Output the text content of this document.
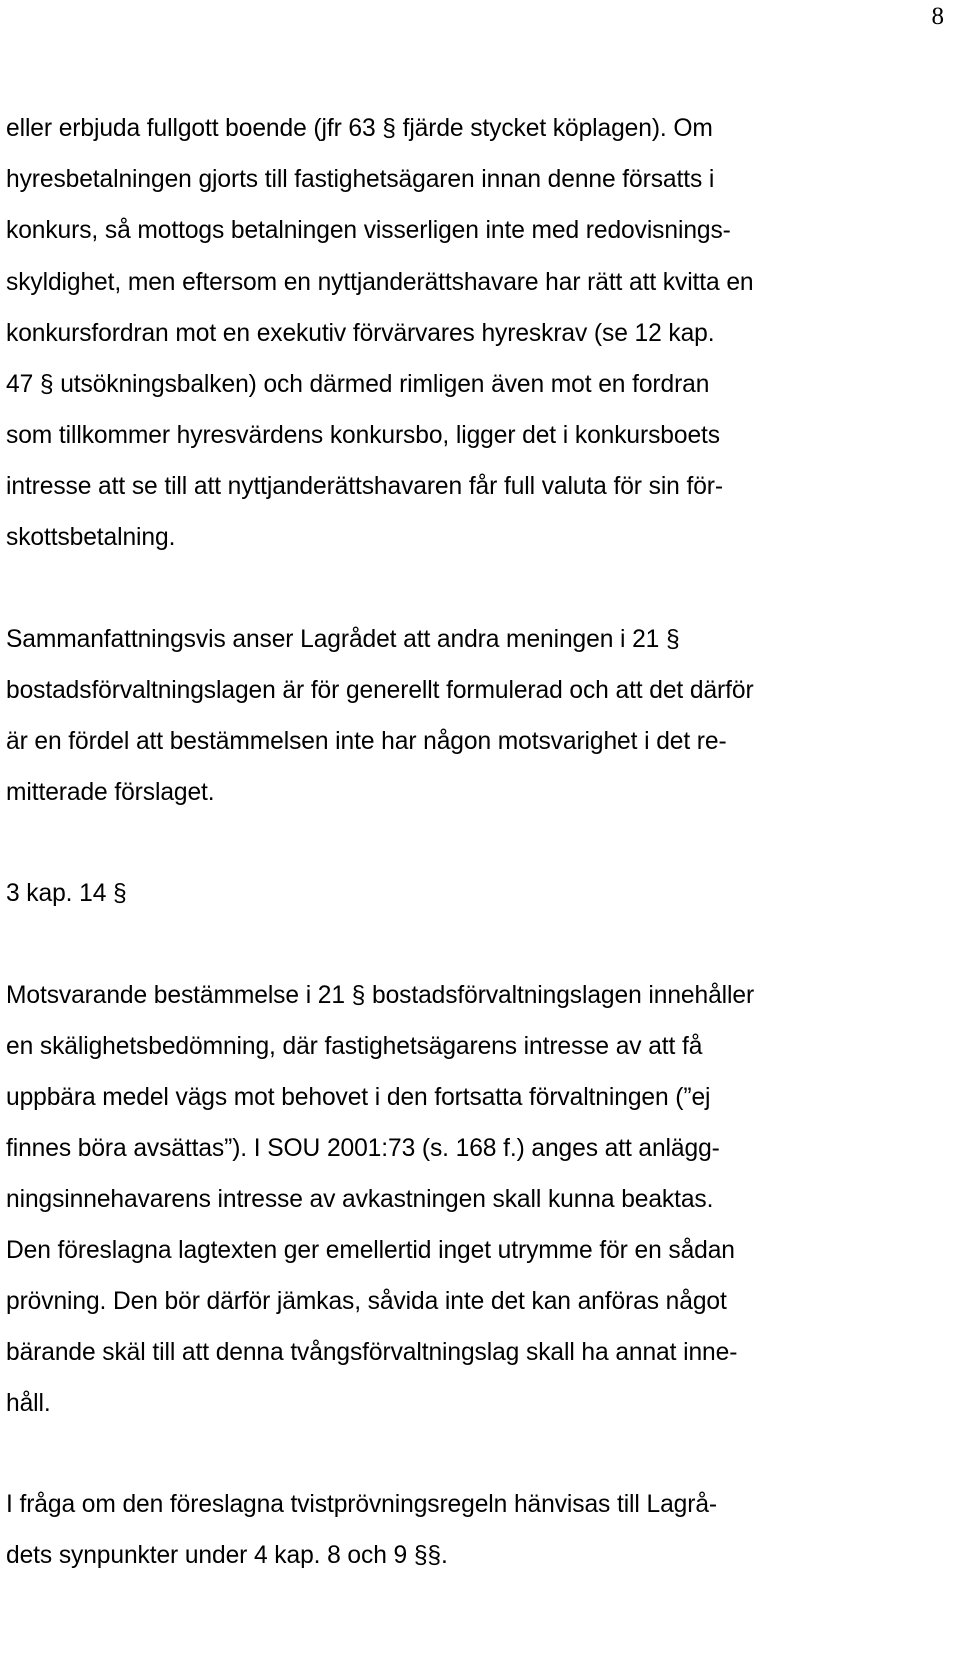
8
eller erbjuda fullgott boende (jfr 63 § fjärde stycket köplagen). Om
hyresbetalningen gjorts till fastighetsägaren innan denne försatts i
konkurs, så mottogs betalningen visserligen inte med redovisnings-
skyldighet, men eftersom en nyttjanderättshavare har rätt att kvitta en
konkursfordran mot en exekutiv förvärvares hyreskrav (se 12 kap.
47 § utsökningsbalken) och därmed rimligen även mot en fordran
som tillkommer hyresvärdens konkursbo, ligger det i konkursboets
intresse att se till att nyttjanderättshavaren får full valuta för sin för-
skottsbetalning.
Sammanfattningsvis anser Lagrådet att andra meningen i 21 §
bostadsförvaltningslagen är för generellt formulerad och att det därför
är en fördel att bestämmelsen inte har någon motsvarighet i det re-
mitterade förslaget.
3 kap. 14 §
Motsvarande bestämmelse i 21 § bostadsförvaltningslagen innehåller
en skälighetsbedömning, där fastighetsägarens intresse av att få
uppbära medel vägs mot behovet i den fortsatta förvaltningen (”ej
finnes böra avsättas”). I SOU 2001:73 (s. 168 f.) anges att anlägg-
ningsinnehavarens intresse av avkastningen skall kunna beaktas.
Den föreslagna lagtexten ger emellertid inget utrymme för en sådan
prövning. Den bör därför jämkas, såvida inte det kan anföras något
bärande skäl till att denna tvångsförvaltningslag skall ha annat inne-
håll.
I fråga om den föreslagna tvistprövningsregeln hänvisas till Lagrå-
dets synpunkter under 4 kap. 8 och 9 §§.
